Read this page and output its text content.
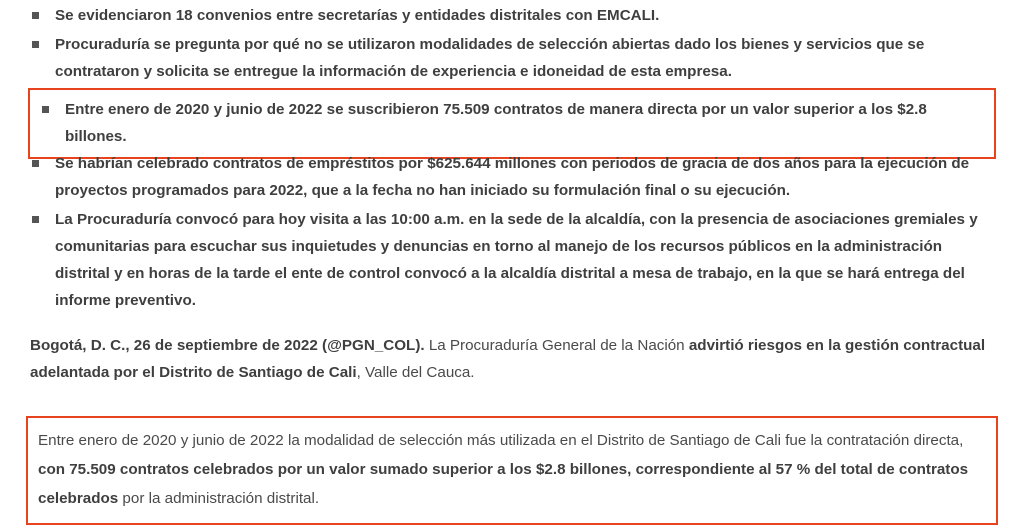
Se evidenciaron 18 convenios entre secretarías y entidades distritales con EMCALI.
Procuraduría se pregunta por qué no se utilizaron modalidades de selección abiertas dado los bienes y servicios que se contrataron y solicita se entregue la información de experiencia e idoneidad de esta empresa.
Entre enero de 2020 y junio de 2022 se suscribieron 75.509 contratos de manera directa por un valor superior a los $2.8 billones.
Se habrían celebrado contratos de empréstitos por $625.644 millones con periodos de gracia de dos años para la ejecución de proyectos programados para 2022, que a la fecha no han iniciado su formulación final o su ejecución.
La Procuraduría convocó para hoy visita a las 10:00 a.m. en la sede de la alcaldía, con la presencia de asociaciones gremiales y comunitarias para escuchar sus inquietudes y denuncias en torno al manejo de los recursos públicos en la administración distrital y en horas de la tarde el ente de control convocó a la alcaldía distrital a mesa de trabajo, en la que se hará entrega del informe preventivo.
Bogotá, D. C., 26 de septiembre de 2022 (@PGN_COL). La Procuraduría General de la Nación advirtió riesgos en la gestión contractual adelantada por el Distrito de Santiago de Cali, Valle del Cauca.

Entre enero de 2020 y junio de 2022 la modalidad de selección más utilizada en el Distrito de Santiago de Cali fue la contratación directa, con 75.509 contratos celebrados por un valor sumado superior a los $2.8 billones, correspondiente al 57 % del total de contratos celebrados por la administración distrital.
